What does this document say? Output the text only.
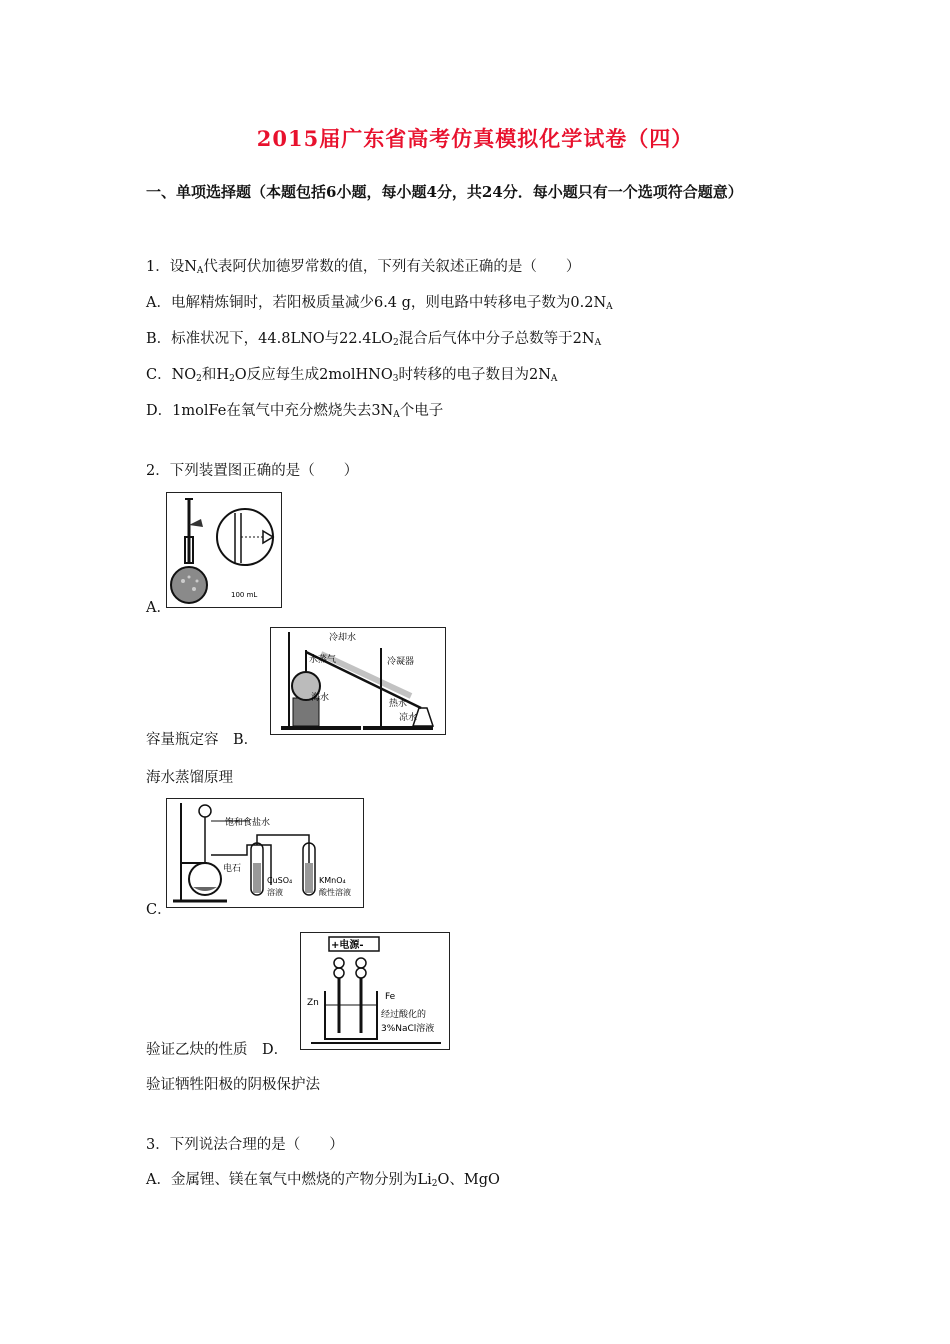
2015届广东省高考仿真模拟化学试卷（四）
一、单项选择题（本题包括6小题，每小题4分，共24分．每小题只有一个选项符合题意）
1．设$N_A$代表阿伏加德罗常数的值，下列有关叙述正确的是（　　）
A．电解精炼铜时，若阳极质量减少6.4 g，则电路中转移电子数为$0.2N_A$
B．标准状况下，44.8LNO与$22.4LO_2$混合后气体中分子总数等于$2N_A$
C．$NO_2$和$H_2O$反应每生成2molHNO$_3$时转移的电子数目为$2N_A$
D．1molFe在氧气中充分燃烧失去$3N_A$个电子
2．下列装置图正确的是（　　）
100 mL
A．
冷却水
水蒸气	冷凝器
海水
热水
凉水
容量瓶定容　B．
海水蒸馏原理
饱和食盐水
电石
CuSO₄
溶液
KMnO₄
酸性溶液
C．
+电源-
Zn
Fe
经过酸化的
3%NaCl溶液
验证乙炔的性质　D．
验证牺牲阳极的阴极保护法
3．下列说法合理的是（　　）
A．金属锂、镁在氧气中燃烧的产物分别为$Li_2O$、MgO
